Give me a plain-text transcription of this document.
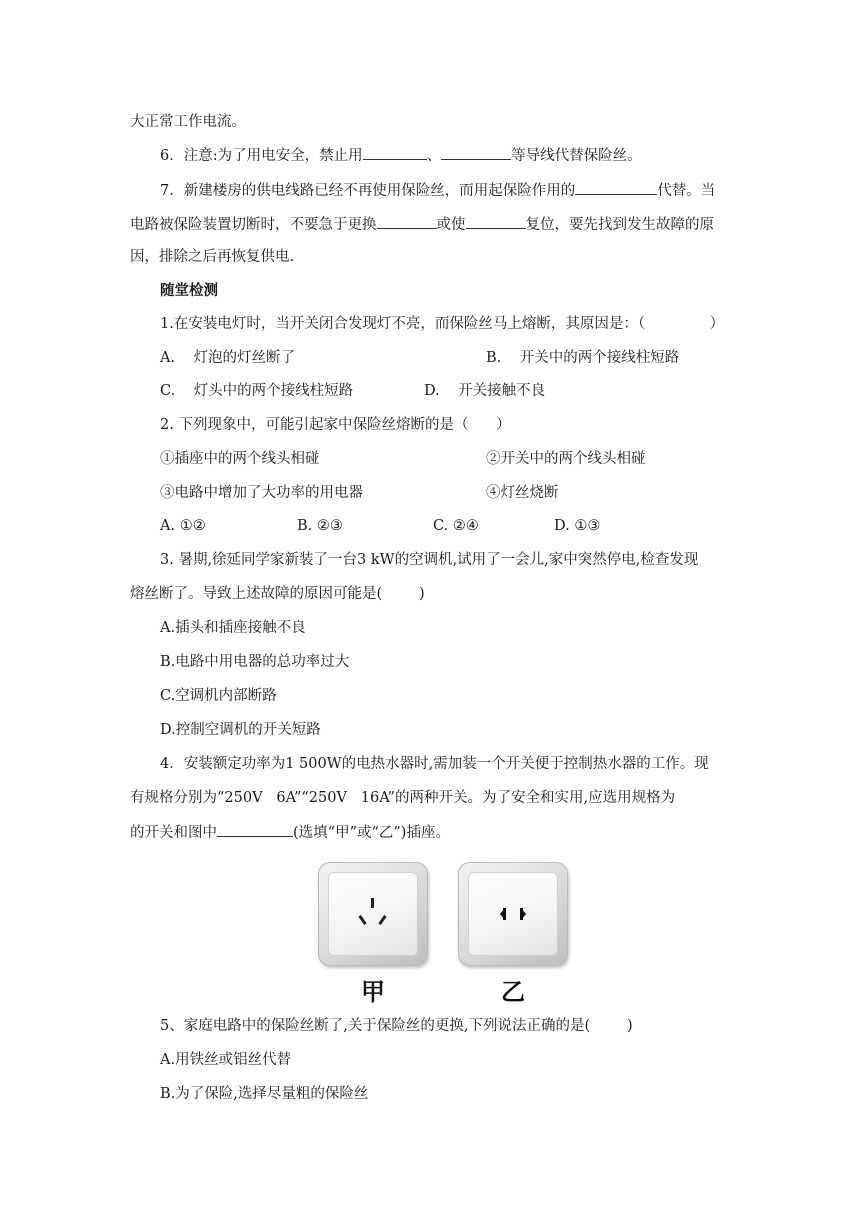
大正常工作电流。

6．注意:为了用电安全，禁止用	、	等导线代替保险丝。

7．新建楼房的供电线路已经不再使用保险丝，而用起保险作用的	代替。当

电路被保险装置切断时，不要急于更换	或使	复位，要先找到发生故障的原

因，排除之后再恢复供电.

随堂检测

1.在安装电灯时，当开关闭合发现灯不亮，而保险丝马上熔断，其原因是：（              ）

A.    灯泡的灯丝断了	B.    开关中的两个接线柱短路

C.    灯头中的两个接线柱短路	D.    开关接触不良

2. 下列现象中，可能引起家中保险丝熔断的是（      ）

①插座中的两个线头相碰	②开关中的两个线头相碰

③电路中增加了大功率的用电器	④灯丝烧断

A. ①②	B. ②③	C. ②④	D. ①③

3. 暑期,徐延同学家新装了一台3 kW的空调机,试用了一会儿,家中突然停电,检查发现

熔丝断了。导致上述故障的原因可能是(        )

A.插头和插座接触不良

B.电路中用电器的总功率过大

C.空调机内部断路

D.控制空调机的开关短路

4．安装额定功率为1 500W的电热水器时,需加装一个开关便于控制热水器的工作。现

有规格分别为“250V   6A”“250V   16A”的两种开关。为了安全和实用,应选用规格为

的开关和图中	(选填“甲”或“乙”)插座。

甲	乙

5、家庭电路中的保险丝断了,关于保险丝的更换,下列说法正确的是(        )

A.用铁丝或铝丝代替

B.为了保险,选择尽量粗的保险丝
